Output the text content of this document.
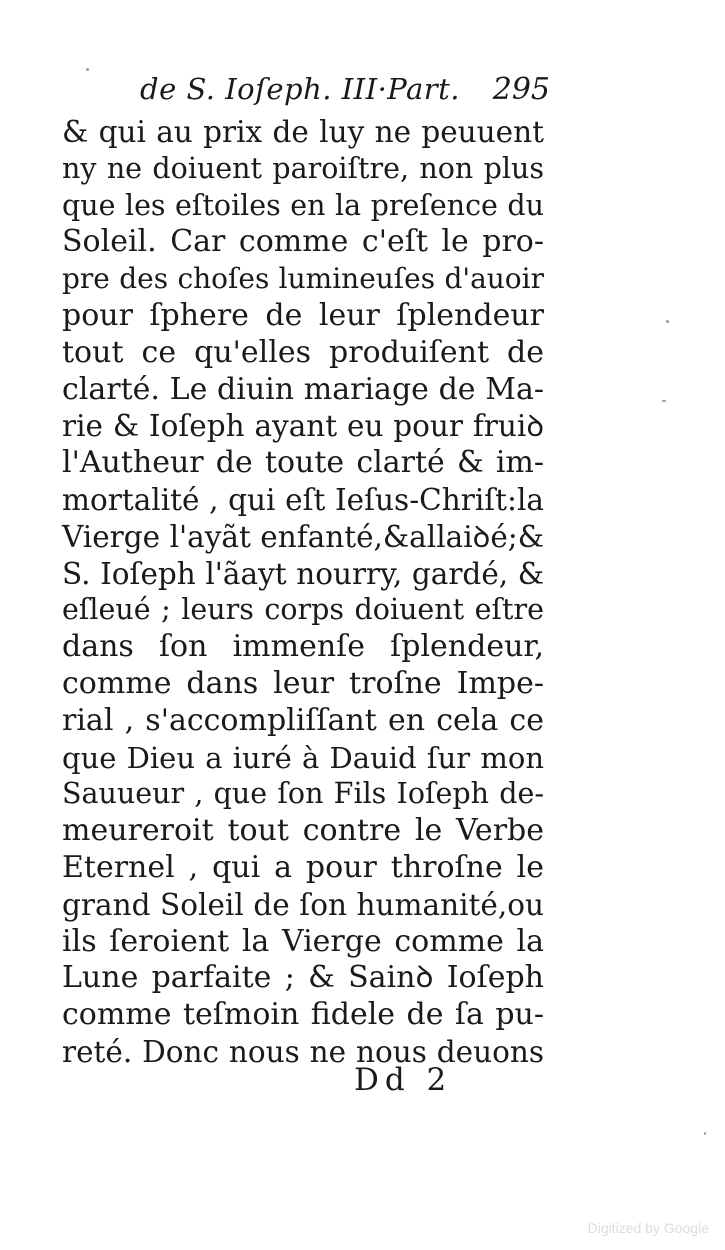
de S. Ioſeph. III·Part. 295
& qui au prix de luy ne peuuent
ny ne doiuent paroiſtre, non plus
que les eſtoiles en la preſence du
Soleil. Car comme c'eſt le pro-
pre des choſes lumineuſes d'auoir
pour ſphere de leur ſplendeur
tout ce qu'elles produiſent de
clarté. Le diuin mariage de Ma-
rie & Ioſeph ayant eu pour fruiꝺ
l'Autheur de toute clarté & im-
mortalité , qui eſt Ieſus-Chriſt:la
Vierge l'ayãt enfanté,&allaiꝺé;&
S. Ioſeph l'ãayt nourry, gardé, &
eſleué ; leurs corps doiuent eſtre
dans ſon immenſe ſplendeur,
comme dans leur troſne Impe-
rial , s'accompliſſant en cela ce
que Dieu a iuré à Dauid ſur mon
Sauueur , que ſon Fils Ioſeph de-
meureroit tout contre le Verbe
Eternel , qui a pour throſne le
grand Soleil de ſon humanité,ou
ils ſeroient la Vierge comme la
Lune parfaite ; & Sainꝺ Ioſeph
comme teſmoin fidele de ſa pu-
reté. Donc nous ne nous deuons
Dd 2
Digitized by Google
